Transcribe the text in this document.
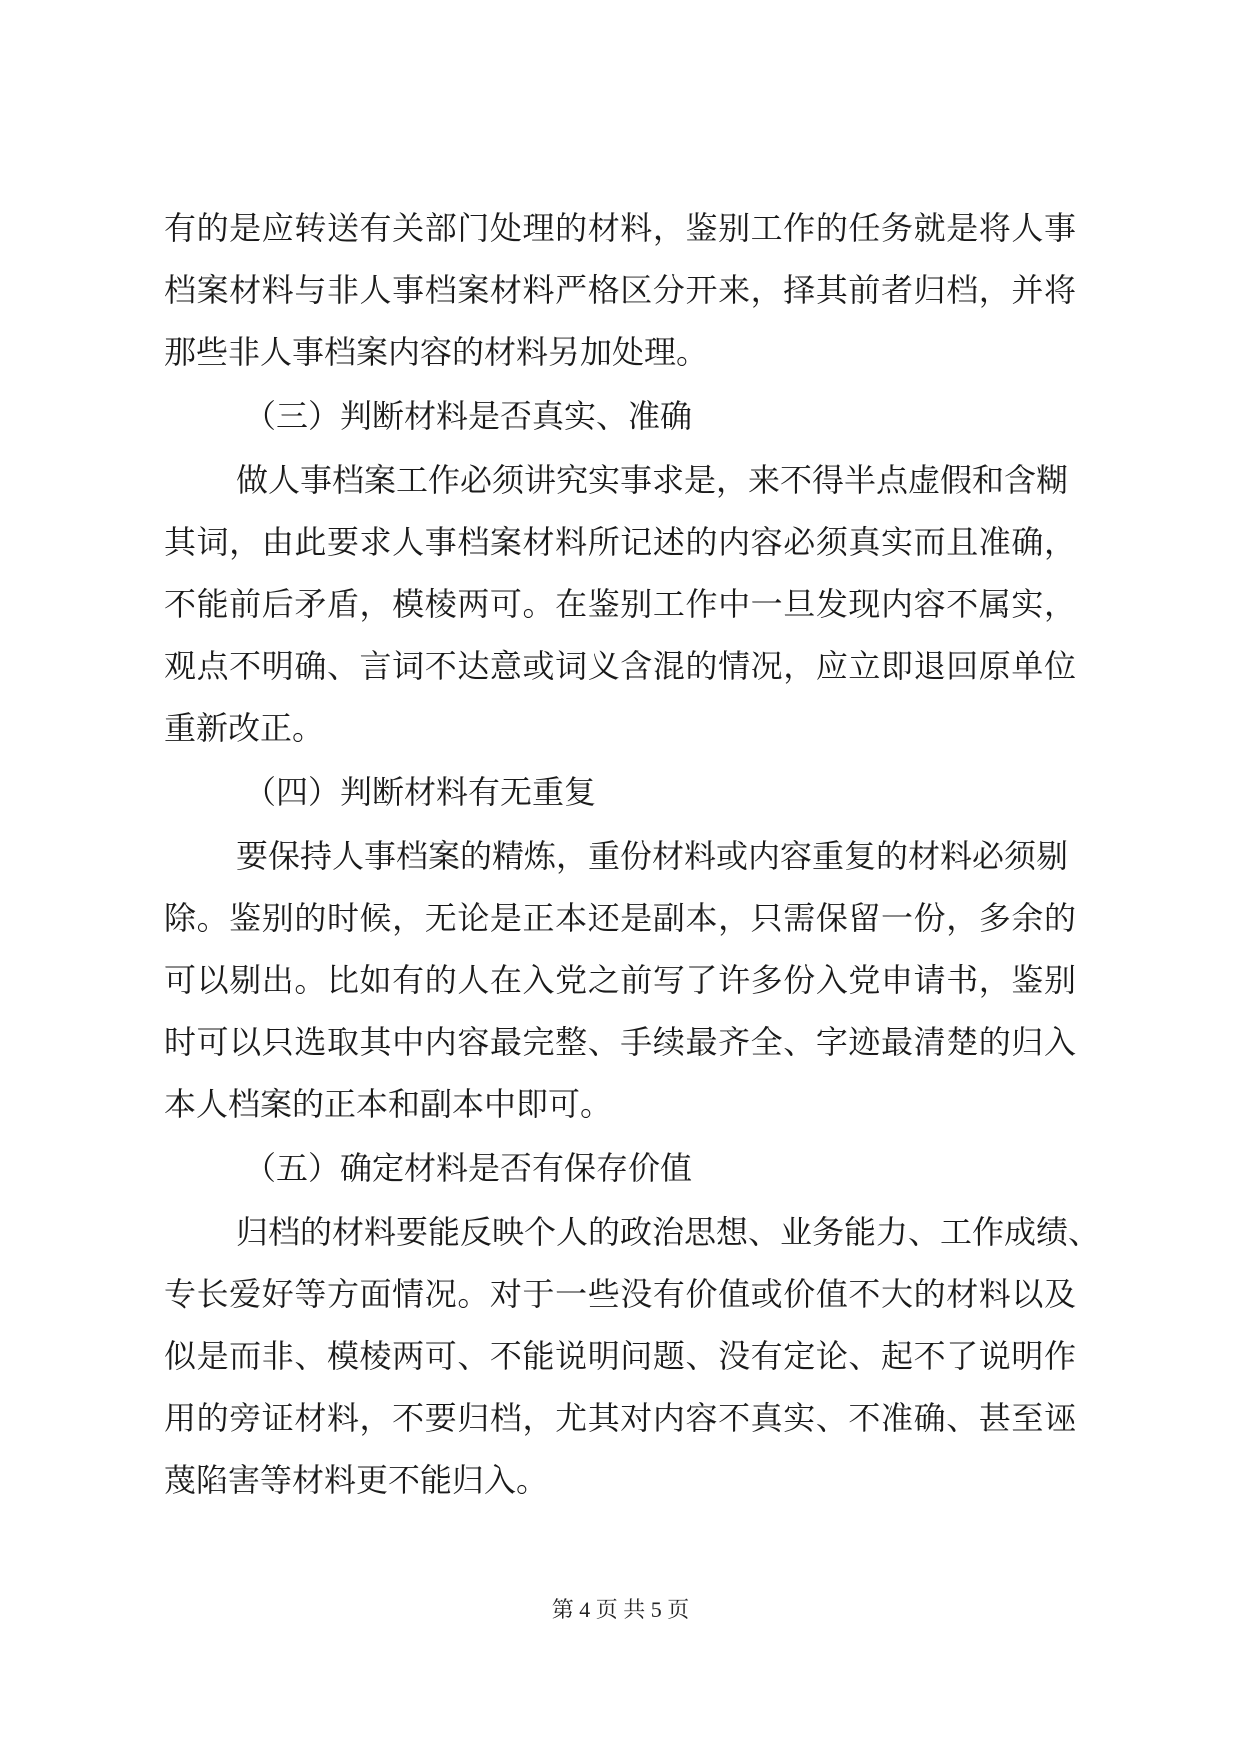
有的是应转送有关部门处理的材料，鉴别工作的任务就是将人事
档案材料与非人事档案材料严格区分开来，择其前者归档，并将
那些非人事档案内容的材料另加处理。
（三）判断材料是否真实、准确
做人事档案工作必须讲究实事求是，来不得半点虚假和含糊
其词，由此要求人事档案材料所记述的内容必须真实而且准确，
不能前后矛盾，模棱两可。在鉴别工作中一旦发现内容不属实，
观点不明确、言词不达意或词义含混的情况，应立即退回原单位
重新改正。
（四）判断材料有无重复
要保持人事档案的精炼，重份材料或内容重复的材料必须剔
除。鉴别的时候，无论是正本还是副本，只需保留一份，多余的
可以剔出。比如有的人在入党之前写了许多份入党申请书，鉴别
时可以只选取其中内容最完整、手续最齐全、字迹最清楚的归入
本人档案的正本和副本中即可。
（五）确定材料是否有保存价值
归档的材料要能反映个人的政治思想、业务能力、工作成绩、
专长爱好等方面情况。对于一些没有价值或价值不大的材料以及
似是而非、模棱两可、不能说明问题、没有定论、起不了说明作
用的旁证材料，不要归档，尤其对内容不真实、不准确、甚至诬
蔑陷害等材料更不能归入。
第 4 页 共 5 页
